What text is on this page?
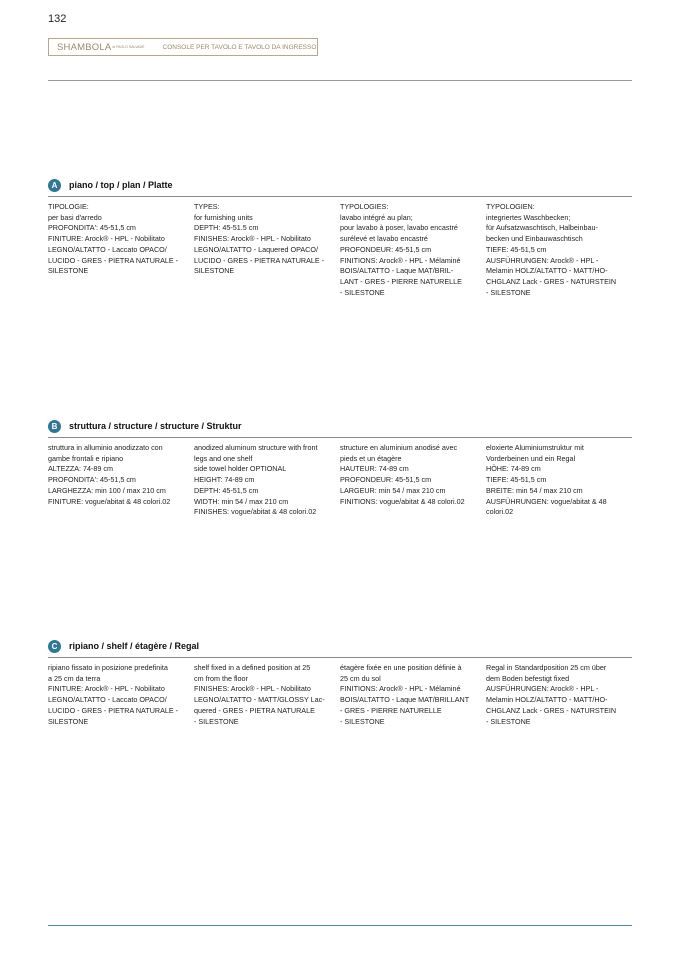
132
SHAMBOLA di PAOLO SALVADÈ	CONSOLE PER TAVOLO E TAVOLO DA INGRESSO
A	piano / top / plan / Platte
TIPOLOGIE:
per basi d'arredo
PROFONDITA': 45-51,5 cm
FINITURE: Arock® - HPL - Nobilitato
LEGNO/ALTATTO - Laccato OPACO/
LUCIDO - GRES - PIETRA NATURALE -
SILESTONE
TYPES:
for furnishing units
DEPTH: 45-51.5 cm
FINISHES: Arock® - HPL - Nobilitato
LEGNO/ALTATTO - Laquered OPACO/
LUCIDO - GRES - PIETRA NATURALE -
SILESTONE
TYPOLOGIES:
lavabo intégré au plan;
pour lavabo à poser, lavabo encastré
surélevé et lavabo encastré
PROFONDEUR: 45-51,5 cm
FINITIONS: Arock® - HPL - Mélaminé
BOIS/ALTATTO - Laque MAT/BRIL-
LANT - GRES - PIERRE NATURELLE
- SILESTONE
TYPOLOGIEN:
integriertes Waschbecken;
für Aufsatzwaschtisch, Halbeinbau-
becken und Einbauwaschtisch
TIEFE: 45-51,5 cm
AUSFÜHRUNGEN: Arock® - HPL -
Melamin HOLZ/ALTATTO - MATT/HO-
CHGLANZ Lack - GRES - NATURSTEIN
- SILESTONE
B	struttura / structure / structure / Struktur
struttura in alluminio anodizzato con
gambe frontali e ripiano
ALTEZZA: 74-89 cm
PROFONDITA': 45-51,5 cm
LARGHEZZA: min 100 / max 210 cm
FINITURE: vogue/abitat & 48 colori.02
anodized aluminum structure with front
legs and one shelf
side towel holder OPTIONAL
HEIGHT: 74-89 cm
DEPTH: 45-51,5 cm
WIDTH: min 54 / max 210 cm
FINISHES: vogue/abitat & 48 colori.02
structure en aluminium anodisé avec
pieds et un étagère
HAUTEUR: 74-89 cm
PROFONDEUR: 45-51,5 cm
LARGEUR: min 54 / max 210 cm
FINITIONS: vogue/abitat & 48 colori.02
eloxierte Aluminiumstruktur mit
Vorderbeinen und ein Regal
HÖHE: 74-89 cm
TIEFE: 45-51,5 cm
BREITE: min 54 / max 210 cm
AUSFÜHRUNGEN: vogue/abitat & 48
colori.02
C	ripiano / shelf / étagère / Regal
ripiano fissato in posizione predefinita
a 25 cm da terra
FINITURE: Arock® - HPL - Nobilitato
LEGNO/ALTATTO - Laccato OPACO/
LUCIDO - GRES - PIETRA NATURALE -
SILESTONE
shelf fixed in a defined position at 25
cm from the floor
FINISHES: Arock® - HPL - Nobilitato
LEGNO/ALTATTO - MATT/GLOSSY Lac-
quered - GRES - PIETRA NATURALE
- SILESTONE
étagère fixée en une position définie à
25 cm du sol
FINITIONS: Arock® - HPL - Mélaminé
BOIS/ALTATTO - Laque MAT/BRILLANT
- GRES - PIERRE NATURELLE
- SILESTONE
Regal in Standardposition 25 cm über
dem Boden befestigt fixed
AUSFÜHRUNGEN: Arock® - HPL -
Melamin HOLZ/ALTATTO - MATT/HO-
CHGLANZ Lack - GRES - NATURSTEIN
- SILESTONE
